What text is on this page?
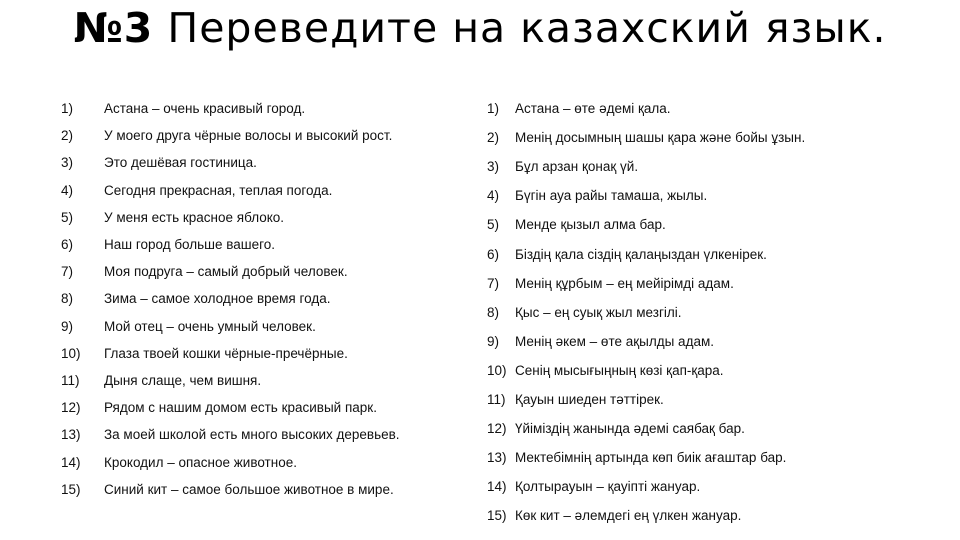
№3 Переведите на казахский язык.
1) Астана – очень красивый город.
2) У моего друга чёрные волосы и высокий рост.
3) Это дешёвая гостиница.
4) Сегодня прекрасная, теплая погода.
5) У меня есть красное яблоко.
6) Наш город больше вашего.
7) Моя подруга – самый добрый человек.
8) Зима – самое холодное время года.
9) Мой отец – очень умный человек.
10) Глаза твоей кошки чёрные-пречёрные.
11) Дыня слаще, чем вишня.
12) Рядом с нашим домом есть красивый парк.
13) За моей школой есть много высоких деревьев.
14) Крокодил – опасное животное.
15) Синий кит – самое большое животное в мире.
1) Астана – өте әдемі қала.
2) Менің досымның шашы қара және бойы ұзын.
3) Бұл арзан қонақ үй.
4) Бүгін ауа райы тамаша, жылы.
5) Менде қызыл алма бар.
6) Біздің қала сіздің қалаңыздан үлкенірек.
7) Менің құрбым – ең мейірімді адам.
8) Қыс – ең суық жыл мезгілі.
9) Менің әкем – өте ақылды адам.
10) Сенің мысығыңның көзі қап-қара.
11) Қауын шиеден тәттірек.
12) Үйіміздің жанында әдемі саябақ бар.
13) Мектебімнің артында көп биік ағаштар бар.
14) Қолтырауын – қауіпті жануар.
15) Көк кит – әлемдегі ең үлкен жануар.
